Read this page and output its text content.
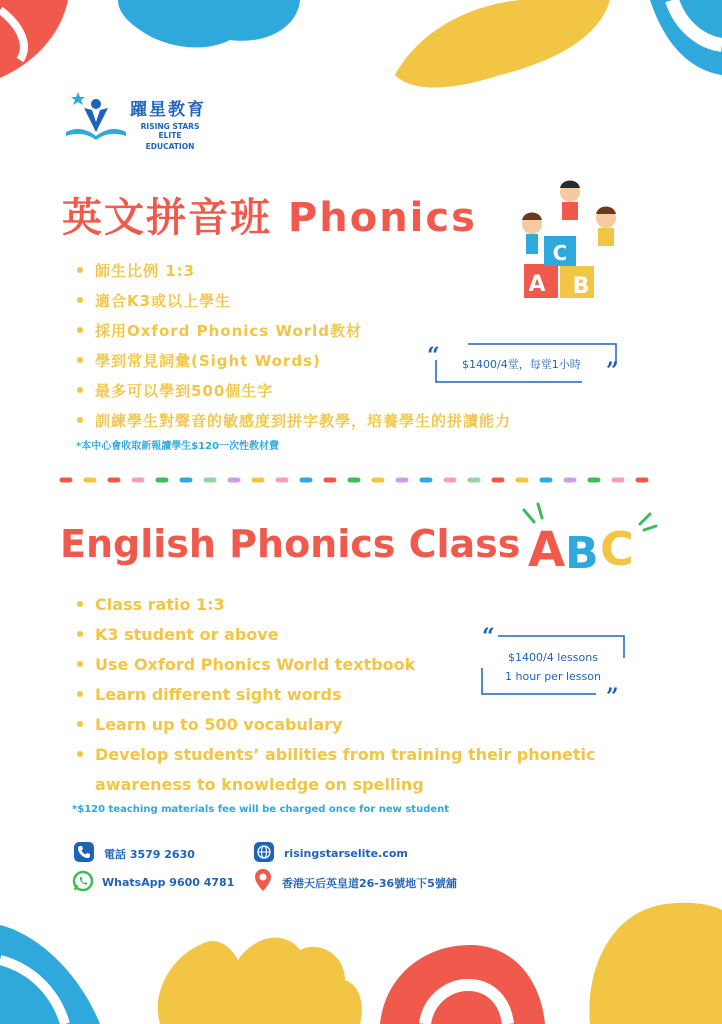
躍星教育
RISING STARS ELITE
EDUCATION
英文拼音班 Phonics
師生比例 1:3
適合K3或以上學生
採用Oxford Phonics World教材
學到常見詞彙(Sight Words)
最多可以學到500個生字
訓練學生對聲音的敏感度到拼字教學，培養學生的拼讀能力
*本中心會收取新報讀學生$120一次性教材費
A	B
C
“
”
$1400/4堂，每堂1小時
English Phonics Class A B C
Class ratio 1:3
K3 student or above
Use Oxford Phonics World textbook
Learn different sight words
Learn up to 500 vocabulary
Develop students’ abilities from training their phonetic awareness to knowledge on spelling
*$120 teaching materials fee will be charged once for new student
“
”
$1400/4 lessons
1 hour per lesson
電話 3579 2630
WhatsApp 9600 4781
risingstarselite.com
香港天后英皇道26-36號地下5號舖
